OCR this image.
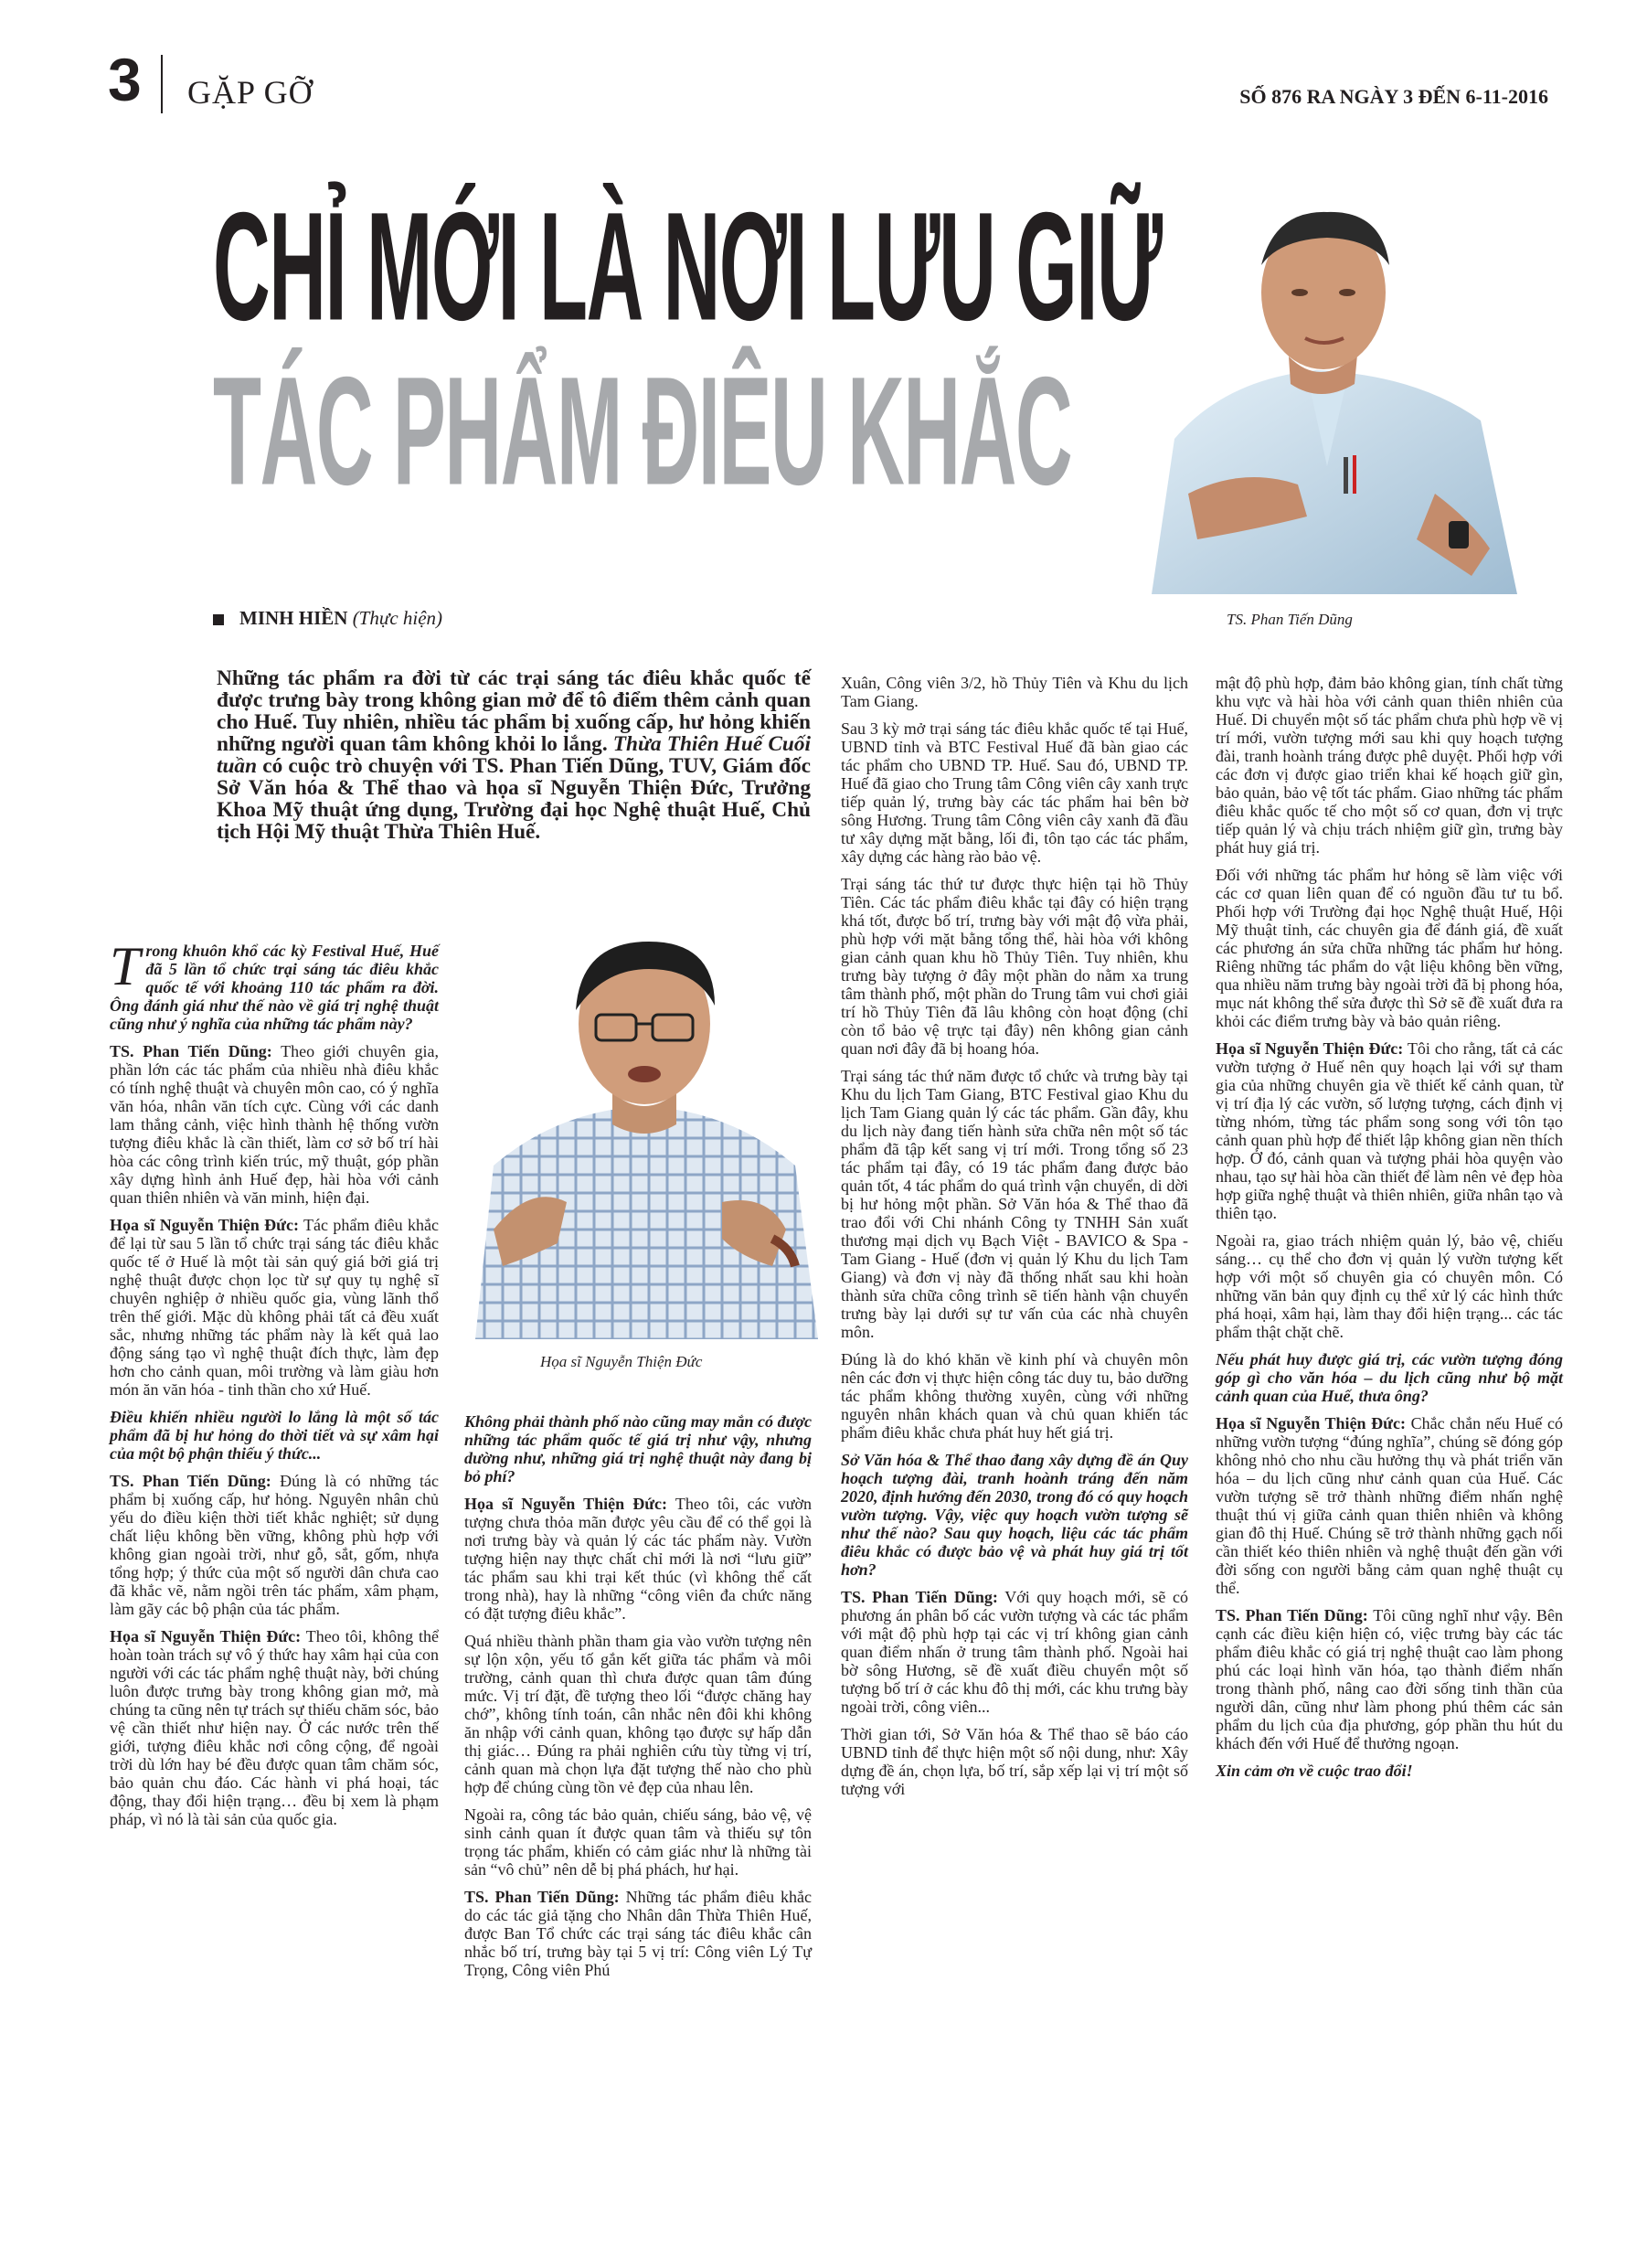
3 GẶP GỠ	SỐ 876 RA NGÀY 3 ĐẾN 6-11-2016
CHỈ MỚI LÀ NƠI LƯU GIỮ
TÁC PHẨM ĐIÊU KHẮC
TS. Phan Tiến Dũng
Họa sĩ Nguyễn Thiện Đức
MINH HIỀN (Thực hiện)
Những tác phẩm ra đời từ các trại sáng tác điêu khắc quốc tế được trưng bày trong không gian mở để tô điểm thêm cảnh quan cho Huế. Tuy nhiên, nhiều tác phẩm bị xuống cấp, hư hỏng khiến những người quan tâm không khỏi lo lắng. Thừa Thiên Huế Cuối tuần có cuộc trò chuyện với TS. Phan Tiến Dũng, TUV, Giám đốc Sở Văn hóa & Thể thao và họa sĩ Nguyễn Thiện Đức, Trưởng Khoa Mỹ thuật ứng dụng, Trường đại học Nghệ thuật Huế, Chủ tịch Hội Mỹ thuật Thừa Thiên Huế.

Trong khuôn khổ các kỳ Festival Huế, Huế đã 5 lần tổ chức trại sáng tác điêu khắc quốc tế với khoảng 110 tác phẩm ra đời. Ông đánh giá như thế nào về giá trị nghệ thuật cũng như ý nghĩa của những tác phẩm này?

TS. Phan Tiến Dũng: Theo giới chuyên gia, phần lớn các tác phẩm của nhiều nhà điêu khắc có tính nghệ thuật và chuyên môn cao, có ý nghĩa văn hóa, nhân văn tích cực. Cùng với các danh lam thắng cảnh, việc hình thành hệ thống vườn tượng điêu khắc là cần thiết, làm cơ sở bố trí hài hòa các công trình kiến trúc, mỹ thuật, góp phần xây dựng hình ảnh Huế đẹp, hài hòa với cảnh quan thiên nhiên và văn minh, hiện đại.

Họa sĩ Nguyễn Thiện Đức: Tác phẩm điêu khắc để lại từ sau 5 lần tổ chức trại sáng tác điêu khắc quốc tế ở Huế là một tài sản quý giá bởi giá trị nghệ thuật được chọn lọc từ sự quy tụ nghệ sĩ chuyên nghiệp ở nhiều quốc gia, vùng lãnh thổ trên thế giới. Mặc dù không phải tất cả đều xuất sắc, nhưng những tác phẩm này là kết quả lao động sáng tạo vì nghệ thuật đích thực, làm đẹp hơn cho cảnh quan, môi trường và làm giàu hơn món ăn văn hóa - tinh thần cho xứ Huế.

Điều khiến nhiều người lo lắng là một số tác phẩm đã bị hư hỏng do thời tiết và sự xâm hại của một bộ phận thiếu ý thức...

TS. Phan Tiến Dũng: Đúng là có những tác phẩm bị xuống cấp, hư hỏng. Nguyên nhân chủ yếu do điều kiện thời tiết khắc nghiệt; sử dụng chất liệu không bền vững, không phù hợp với không gian ngoài trời, như gỗ, sắt, gốm, nhựa tổng hợp; ý thức của một số người dân chưa cao đã khắc vẽ, nằm ngồi trên tác phẩm, xâm phạm, làm gãy các bộ phận của tác phẩm.

Họa sĩ Nguyễn Thiện Đức: Theo tôi, không thể hoàn toàn trách sự vô ý thức hay xâm hại của con người với các tác phẩm nghệ thuật này, bởi chúng luôn được trưng bày trong không gian mở, mà chúng ta cũng nên tự trách sự thiếu chăm sóc, bảo vệ cần thiết như hiện nay. Ở các nước trên thế giới, tượng điêu khắc nơi công cộng, để ngoài trời dù lớn hay bé đều được quan tâm chăm sóc, bảo quản chu đáo. Các hành vi phá hoại, tác động, thay đổi hiện trạng… đều bị xem là phạm pháp, vì nó là tài sản của quốc gia.

Không phải thành phố nào cũng may mắn có được những tác phẩm quốc tế giá trị như vậy, nhưng dường như, những giá trị nghệ thuật này đang bị bỏ phí?

Họa sĩ Nguyễn Thiện Đức: Theo tôi, các vườn tượng chưa thỏa mãn được yêu cầu để có thể gọi là nơi trưng bày và quản lý các tác phẩm này. Vườn tượng hiện nay thực chất chỉ mới là nơi “lưu giữ” tác phẩm sau khi trại kết thúc (vì không thể cất trong nhà), hay là những “công viên đa chức năng có đặt tượng điêu khắc”.

Quá nhiều thành phần tham gia vào vườn tượng nên sự lộn xộn, yếu tố gắn kết giữa tác phẩm và môi trường, cảnh quan thì chưa được quan tâm đúng mức. Vị trí đặt, đề tượng theo lối “được chăng hay chớ”, không tính toán, cân nhắc nên đôi khi không ăn nhập với cảnh quan, không tạo được sự hấp dẫn thị giác… Đúng ra phải nghiên cứu tùy từng vị trí, cảnh quan mà chọn lựa đặt tượng thế nào cho phù hợp để chúng cùng tồn vẻ đẹp của nhau lên.

Ngoài ra, công tác bảo quản, chiếu sáng, bảo vệ, vệ sinh cảnh quan ít được quan tâm và thiếu sự tôn trọng tác phẩm, khiến có cảm giác như là những tài sản “vô chủ” nên dễ bị phá phách, hư hại.

TS. Phan Tiến Dũng: Những tác phẩm điêu khắc do các tác giả tặng cho Nhân dân Thừa Thiên Huế, được Ban Tổ chức các trại sáng tác điêu khắc cân nhắc bố trí, trưng bày tại 5 vị trí: Công viên Lý Tự Trọng, Công viên Phú

Xuân, Công viên 3/2, hồ Thủy Tiên và Khu du lịch Tam Giang.

Sau 3 kỳ mở trại sáng tác điêu khắc quốc tế tại Huế, UBND tỉnh và BTC Festival Huế đã bàn giao các tác phẩm cho UBND TP. Huế. Sau đó, UBND TP. Huế đã giao cho Trung tâm Công viên cây xanh trực tiếp quản lý, trưng bày các tác phẩm hai bên bờ sông Hương. Trung tâm Công viên cây xanh đã đầu tư xây dựng mặt bằng, lối đi, tôn tạo các tác phẩm, xây dựng các hàng rào bảo vệ.

Trại sáng tác thứ tư được thực hiện tại hồ Thủy Tiên. Các tác phẩm điêu khắc tại đây có hiện trạng khá tốt, được bố trí, trưng bày với mật độ vừa phải, phù hợp với mặt bằng tổng thể, hài hòa với không gian cảnh quan khu hồ Thủy Tiên. Tuy nhiên, khu trưng bày tượng ở đây một phần do nằm xa trung tâm thành phố, một phần do Trung tâm vui chơi giải trí hồ Thủy Tiên đã lâu không còn hoạt động (chỉ còn tổ bảo vệ trực tại đây) nên không gian cảnh quan nơi đây đã bị hoang hóa.

Trại sáng tác thứ năm được tổ chức và trưng bày tại Khu du lịch Tam Giang, BTC Festival giao Khu du lịch Tam Giang quản lý các tác phẩm. Gần đây, khu du lịch này đang tiến hành sửa chữa nên một số tác phẩm đã tập kết sang vị trí mới. Trong tổng số 23 tác phẩm tại đây, có 19 tác phẩm đang được bảo quản tốt, 4 tác phẩm do quá trình vận chuyển, di dời bị hư hỏng một phần. Sở Văn hóa & Thể thao đã trao đổi với Chi nhánh Công ty TNHH Sản xuất thương mại dịch vụ Bạch Việt - BAVICO & Spa - Tam Giang - Huế (đơn vị quản lý Khu du lịch Tam Giang) và đơn vị này đã thống nhất sau khi hoàn thành sửa chữa công trình sẽ tiến hành vận chuyển trưng bày lại dưới sự tư vấn của các nhà chuyên môn.

Đúng là do khó khăn về kinh phí và chuyên môn nên các đơn vị thực hiện công tác duy tu, bảo dưỡng tác phẩm không thường xuyên, cùng với những nguyên nhân khách quan và chủ quan khiến tác phẩm điêu khắc chưa phát huy hết giá trị.

Sở Văn hóa & Thể thao đang xây dựng đề án Quy hoạch tượng đài, tranh hoành tráng đến năm 2020, định hướng đến 2030, trong đó có quy hoạch vườn tượng. Vậy, việc quy hoạch vườn tượng sẽ như thế nào? Sau quy hoạch, liệu các tác phẩm điêu khắc có được bảo vệ và phát huy giá trị tốt hơn?

TS. Phan Tiến Dũng: Với quy hoạch mới, sẽ có phương án phân bố các vườn tượng và các tác phẩm với mật độ phù hợp tại các vị trí không gian cảnh quan điểm nhấn ở trung tâm thành phố. Ngoài hai bờ sông Hương, sẽ đề xuất điều chuyển một số tượng bố trí ở các khu đô thị mới, các khu trưng bày ngoài trời, công viên...

Thời gian tới, Sở Văn hóa & Thể thao sẽ báo cáo UBND tỉnh để thực hiện một số nội dung, như: Xây dựng đề án, chọn lựa, bố trí, sắp xếp lại vị trí một số tượng với

mật độ phù hợp, đảm bảo không gian, tính chất từng khu vực và hài hòa với cảnh quan thiên nhiên của Huế. Di chuyển một số tác phẩm chưa phù hợp về vị trí mới, vườn tượng mới sau khi quy hoạch tượng đài, tranh hoành tráng được phê duyệt. Phối hợp với các đơn vị được giao triển khai kế hoạch giữ gìn, bảo quản, bảo vệ tốt tác phẩm. Giao những tác phẩm điêu khắc quốc tế cho một số cơ quan, đơn vị trực tiếp quản lý và chịu trách nhiệm giữ gìn, trưng bày phát huy giá trị.

Đối với những tác phẩm hư hỏng sẽ làm việc với các cơ quan liên quan để có nguồn đầu tư tu bổ. Phối hợp với Trường đại học Nghệ thuật Huế, Hội Mỹ thuật tỉnh, các chuyên gia để đánh giá, đề xuất các phương án sửa chữa những tác phẩm hư hỏng. Riêng những tác phẩm do vật liệu không bền vững, qua nhiều năm trưng bày ngoài trời đã bị phong hóa, mục nát không thể sửa được thì Sở sẽ đề xuất đưa ra khỏi các điểm trưng bày và bảo quản riêng.

Họa sĩ Nguyễn Thiện Đức: Tôi cho rằng, tất cả các vườn tượng ở Huế nên quy hoạch lại với sự tham gia của những chuyên gia về thiết kế cảnh quan, từ vị trí địa lý các vườn, số lượng tượng, cách định vị từng nhóm, từng tác phẩm song song với tôn tạo cảnh quan phù hợp để thiết lập không gian nền thích hợp. Ở đó, cảnh quan và tượng phải hòa quyện vào nhau, tạo sự hài hòa cần thiết để làm nên vẻ đẹp hòa hợp giữa nghệ thuật và thiên nhiên, giữa nhân tạo và thiên tạo.

Ngoài ra, giao trách nhiệm quản lý, bảo vệ, chiếu sáng… cụ thể cho đơn vị quản lý vườn tượng kết hợp với một số chuyên gia có chuyên môn. Có những văn bản quy định cụ thể xử lý các hình thức phá hoại, xâm hại, làm thay đổi hiện trạng... các tác phẩm thật chặt chẽ.

Nếu phát huy được giá trị, các vườn tượng đóng góp gì cho văn hóa – du lịch cũng như bộ mặt cảnh quan của Huế, thưa ông?

Họa sĩ Nguyễn Thiện Đức: Chắc chắn nếu Huế có những vườn tượng “đúng nghĩa”, chúng sẽ đóng góp không nhỏ cho nhu cầu hưởng thụ và phát triển văn hóa – du lịch cũng như cảnh quan của Huế. Các vườn tượng sẽ trở thành những điểm nhấn nghệ thuật thú vị giữa cảnh quan thiên nhiên và không gian đô thị Huế. Chúng sẽ trở thành những gạch nối cần thiết kéo thiên nhiên và nghệ thuật đến gần với đời sống con người bằng cảm quan nghệ thuật cụ thể.

TS. Phan Tiến Dũng: Tôi cũng nghĩ như vậy. Bên cạnh các điều kiện hiện có, việc trưng bày các tác phẩm điêu khắc có giá trị nghệ thuật cao làm phong phú các loại hình văn hóa, tạo thành điểm nhấn trong thành phố, nâng cao đời sống tinh thần của người dân, cũng như làm phong phú thêm các sản phẩm du lịch của địa phương, góp phần thu hút du khách đến với Huế để thưởng ngoạn.

Xin cảm ơn về cuộc trao đổi!
